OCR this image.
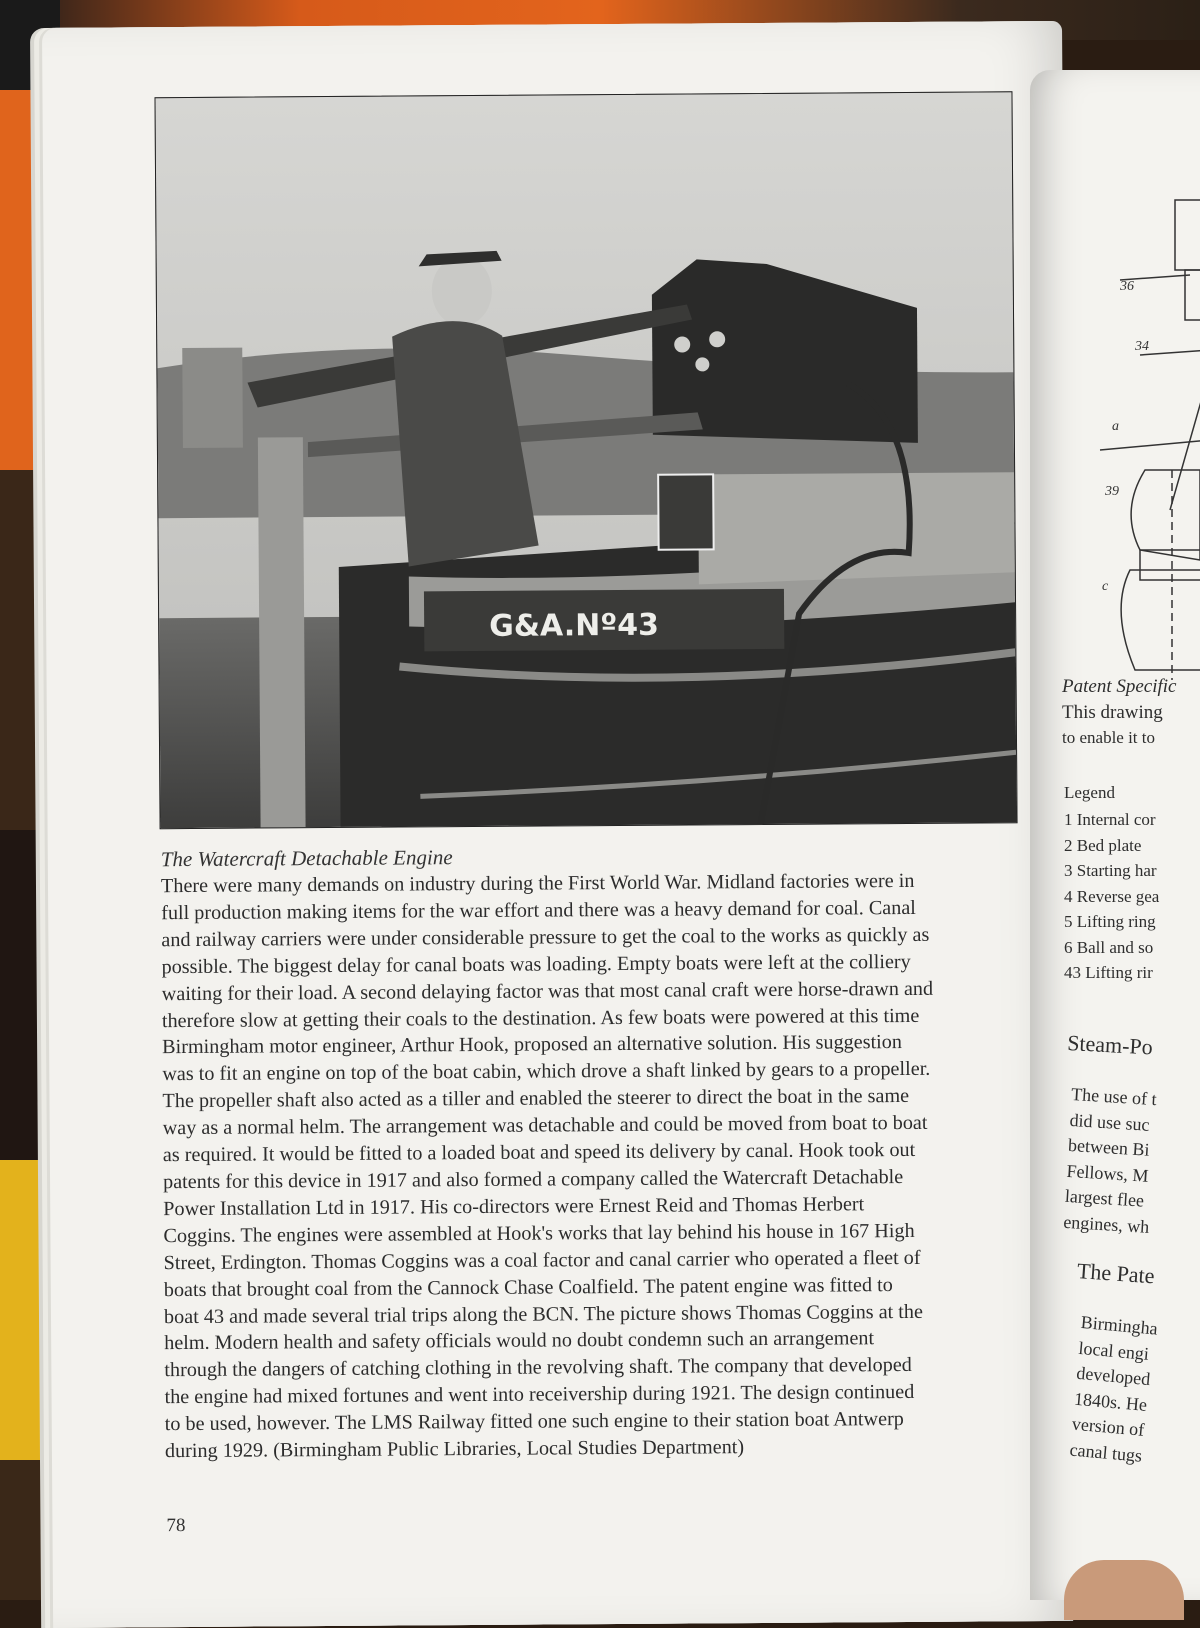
G&A.Nº43
The Watercraft Detachable Engine
There were many demands on industry during the First World War. Midland factories were in
full production making items for the war effort and there was a heavy demand for coal. Canal
and railway carriers were under considerable pressure to get the coal to the works as quickly as
possible. The biggest delay for canal boats was loading. Empty boats were left at the colliery
waiting for their load. A second delaying factor was that most canal craft were horse-drawn and
therefore slow at getting their coals to the destination. As few boats were powered at this time
Birmingham motor engineer, Arthur Hook, proposed an alternative solution. His suggestion
was to fit an engine on top of the boat cabin, which drove a shaft linked by gears to a propeller.
The propeller shaft also acted as a tiller and enabled the steerer to direct the boat in the same
way as a normal helm. The arrangement was detachable and could be moved from boat to boat
as required. It would be fitted to a loaded boat and speed its delivery by canal. Hook took out
patents for this device in 1917 and also formed a company called the Watercraft Detachable
Power Installation Ltd in 1917. His co-directors were Ernest Reid and Thomas Herbert
Coggins. The engines were assembled at Hook's works that lay behind his house in 167 High
Street, Erdington. Thomas Coggins was a coal factor and canal carrier who operated a fleet of
boats that brought coal from the Cannock Chase Coalfield. The patent engine was fitted to
boat 43 and made several trial trips along the BCN. The picture shows Thomas Coggins at the
helm. Modern health and safety officials would no doubt condemn such an arrangement
through the dangers of catching clothing in the revolving shaft. The company that developed
the engine had mixed fortunes and went into receivership during 1921. The design continued
to be used, however. The LMS Railway fitted one such engine to their station boat Antwerp
during 1929. (Birmingham Public Libraries, Local Studies Department)
78
36
34
a
39
c
Patent Specific
This drawing
to enable it to
Legend
1 Internal cor
2 Bed plate
3 Starting har
4 Reverse gea
5 Lifting ring
6 Ball and so
43 Lifting rir
Steam-Po
The use of t
did use suc
between Bi
Fellows, M
largest flee
engines, wh
The Pate
Birmingha
local engi
developed
1840s. He
version of
canal tugs
